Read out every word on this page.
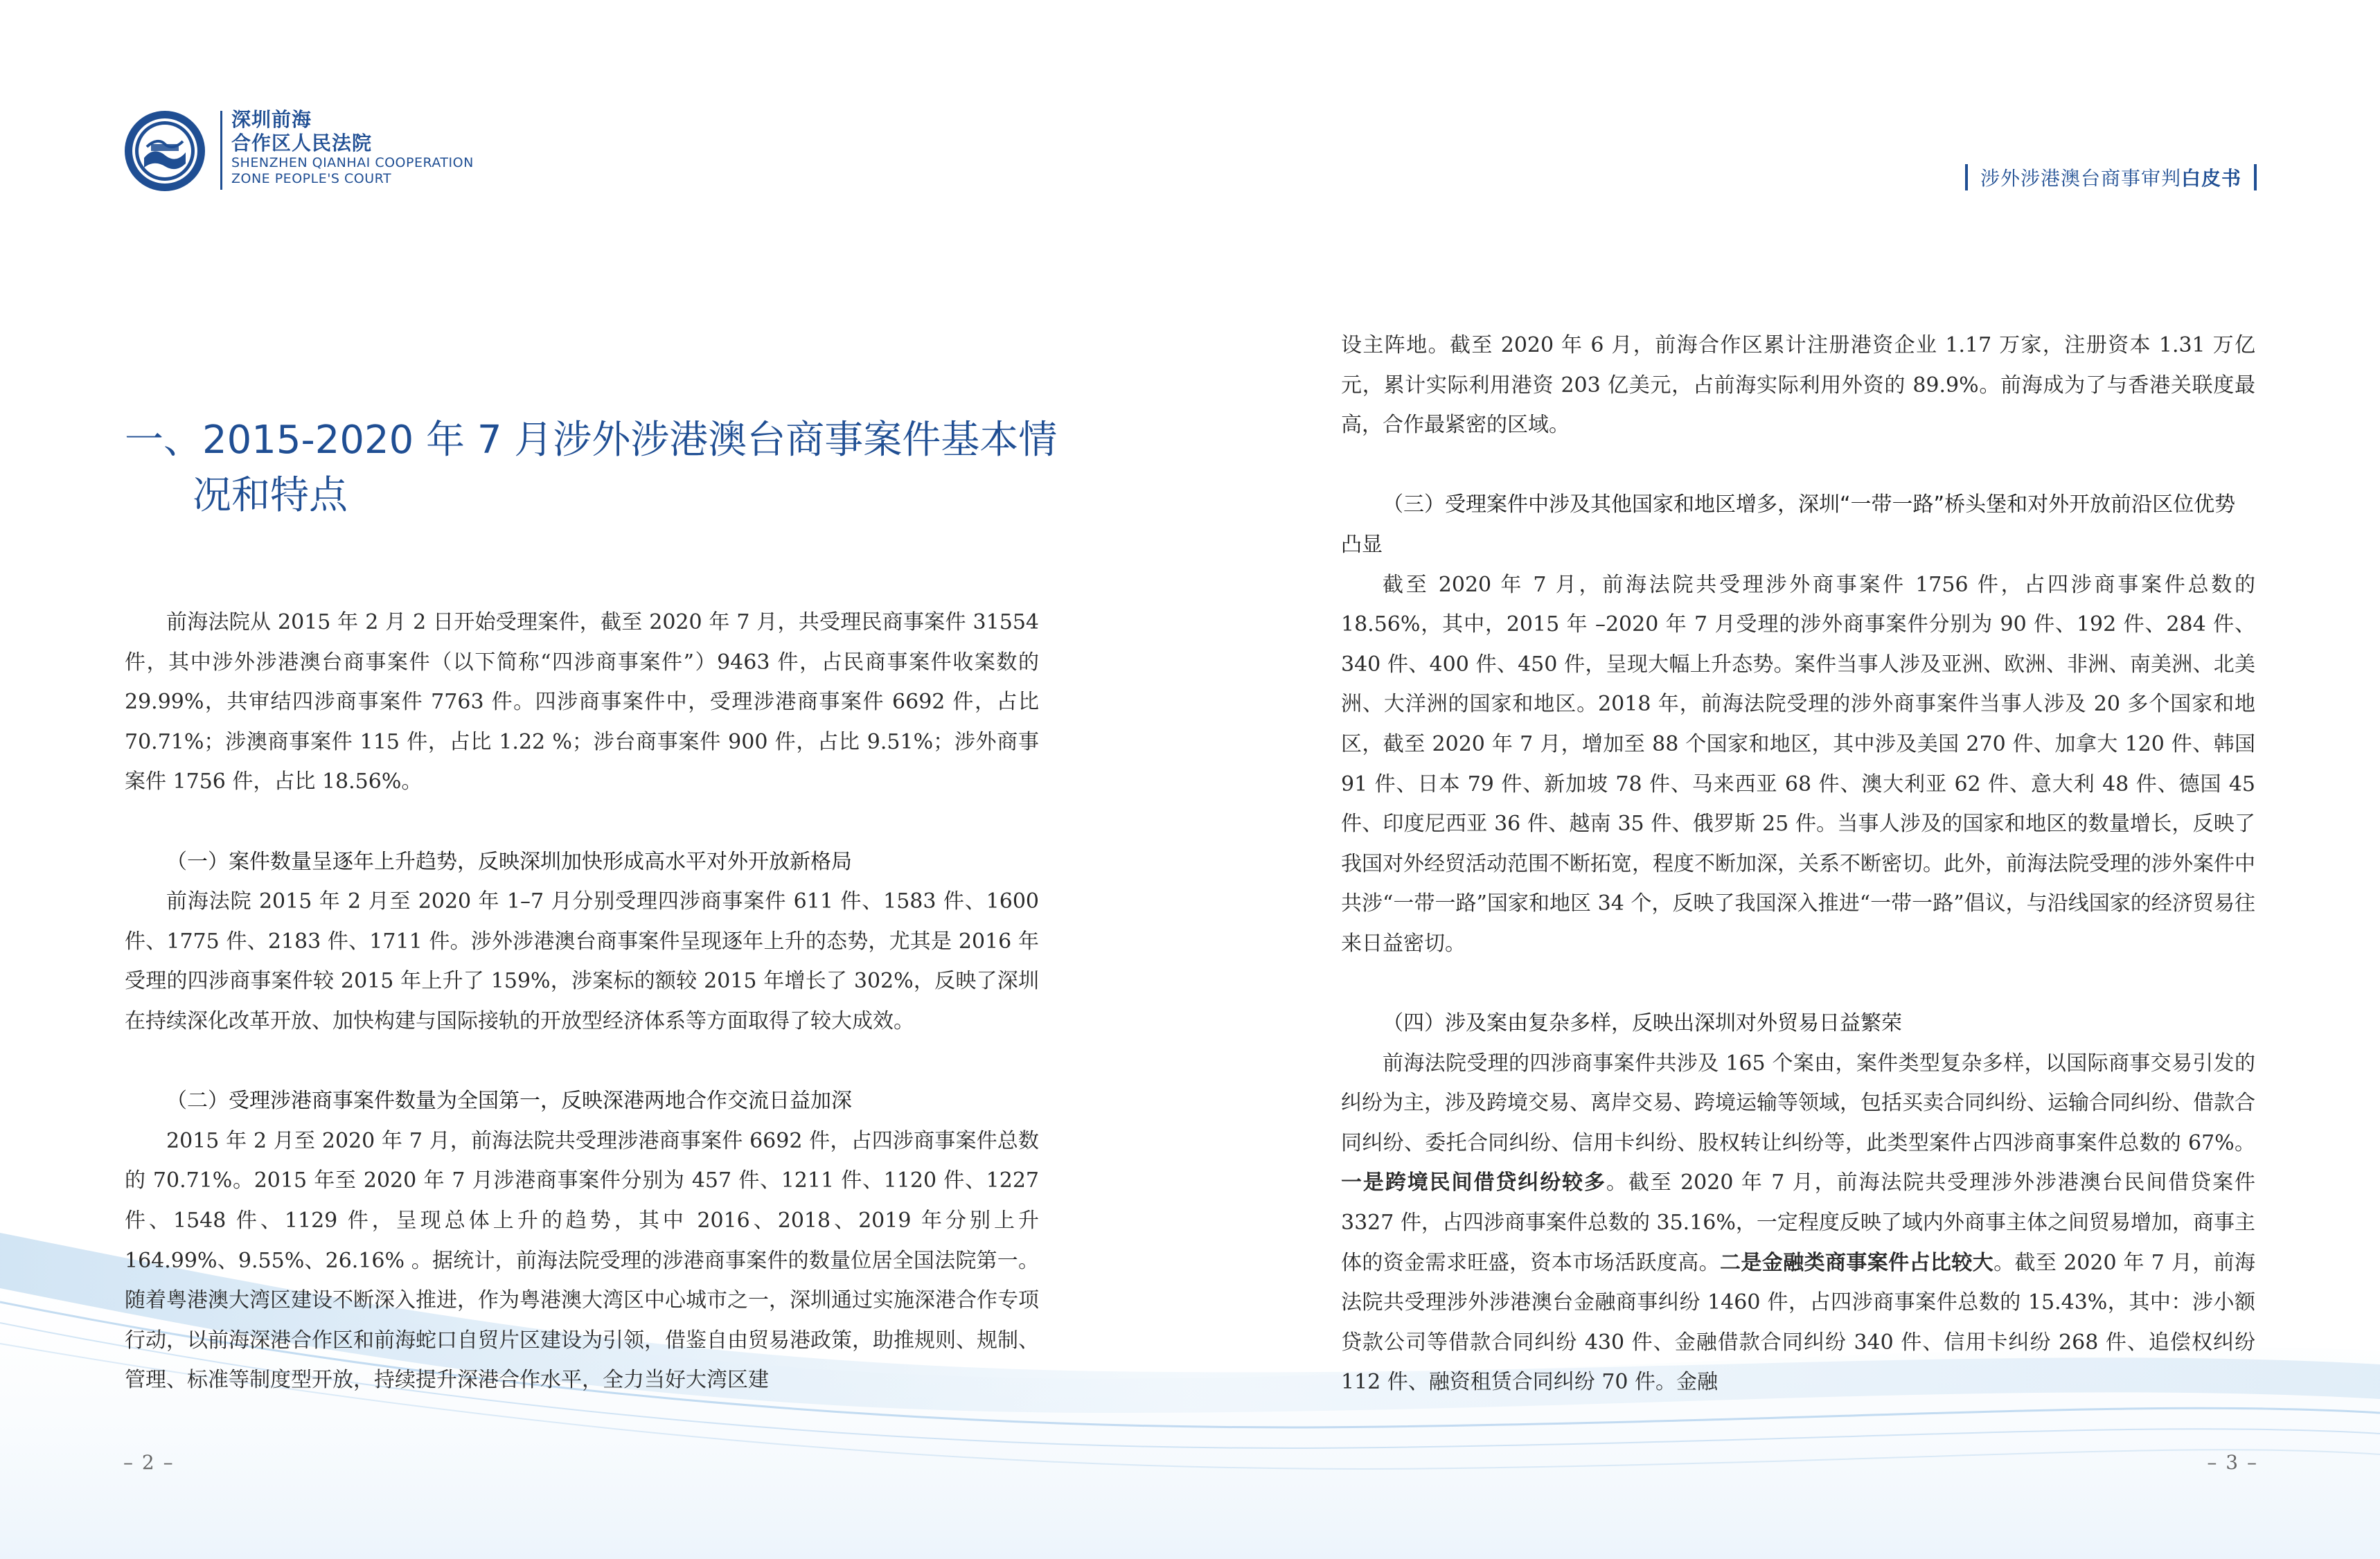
深圳前海
合作区人民法院
SHENZHEN QIANHAI COOPERATION
ZONE PEOPLE'S COURT	涉外涉港澳台商事审判白皮书
一、2015-2020 年 7 月涉外涉港澳台商事案件基本情
况和特点

前海法院从 2015 年 2 月 2 日开始受理案件，截至 2020 年 7 月，共受理民商事案件 31554 件，其中涉外涉港澳台商事案件（以下简称“四涉商事案件”）9463 件，占民商事案件收案数的 29.99%，共审结四涉商事案件 7763 件。四涉商事案件中，受理涉港商事案件 6692 件，占比 70.71%；涉澳商事案件 115 件，占比 1.22 %；涉台商事案件 900 件，占比 9.51%；涉外商事案件 1756 件，占比 18.56%。

（一）案件数量呈逐年上升趋势，反映深圳加快形成高水平对外开放新格局

前海法院 2015 年 2 月至 2020 年 1–7 月分别受理四涉商事案件 611 件、1583 件、1600 件、1775 件、2183 件、1711 件。涉外涉港澳台商事案件呈现逐年上升的态势，尤其是 2016 年受理的四涉商事案件较 2015 年上升了 159%，涉案标的额较 2015 年增长了 302%，反映了深圳在持续深化改革开放、加快构建与国际接轨的开放型经济体系等方面取得了较大成效。

（二）受理涉港商事案件数量为全国第一，反映深港两地合作交流日益加深

2015 年 2 月至 2020 年 7 月，前海法院共受理涉港商事案件 6692 件，占四涉商事案件总数的 70.71%。2015 年至 2020 年 7 月涉港商事案件分别为 457 件、1211 件、1120 件、1227 件、1548 件、1129 件，呈现总体上升的趋势，其中 2016、2018、2019 年分别上升 164.99%、9.55%、26.16% 。据统计，前海法院受理的涉港商事案件的数量位居全国法院第一。随着粤港澳大湾区建设不断深入推进，作为粤港澳大湾区中心城市之一，深圳通过实施深港合作专项行动，以前海深港合作区和前海蛇口自贸片区建设为引领，借鉴自由贸易港政策，助推规则、规制、管理、标准等制度型开放，持续提升深港合作水平，全力当好大湾区建

设主阵地。截至 2020 年 6 月，前海合作区累计注册港资企业 1.17 万家，注册资本 1.31 万亿元，累计实际利用港资 203 亿美元，占前海实际利用外资的 89.9%。前海成为了与香港关联度最高，合作最紧密的区域。

（三）受理案件中涉及其他国家和地区增多，深圳“一带一路”桥头堡和对外开放前沿区位优势凸显

截至 2020 年 7 月，前海法院共受理涉外商事案件 1756 件，占四涉商事案件总数的 18.56%，其中，2015 年 –2020 年 7 月受理的涉外商事案件分别为 90 件、192 件、284 件、340 件、400 件、450 件，呈现大幅上升态势。案件当事人涉及亚洲、欧洲、非洲、南美洲、北美洲、大洋洲的国家和地区。2018 年，前海法院受理的涉外商事案件当事人涉及 20 多个国家和地区，截至 2020 年 7 月，增加至 88 个国家和地区，其中涉及美国 270 件、加拿大 120 件、韩国 91 件、日本 79 件、新加坡 78 件、马来西亚 68 件、澳大利亚 62 件、意大利 48 件、德国 45 件、印度尼西亚 36 件、越南 35 件、俄罗斯 25 件。当事人涉及的国家和地区的数量增长，反映了我国对外经贸活动范围不断拓宽，程度不断加深，关系不断密切。此外，前海法院受理的涉外案件中共涉“一带一路”国家和地区 34 个，反映了我国深入推进“一带一路”倡议，与沿线国家的经济贸易往来日益密切。

（四）涉及案由复杂多样，反映出深圳对外贸易日益繁荣

前海法院受理的四涉商事案件共涉及 165 个案由，案件类型复杂多样，以国际商事交易引发的纠纷为主，涉及跨境交易、离岸交易、跨境运输等领域，包括买卖合同纠纷、运输合同纠纷、借款合同纠纷、委托合同纠纷、信用卡纠纷、股权转让纠纷等，此类型案件占四涉商事案件总数的 67%。一是跨境民间借贷纠纷较多。截至 2020 年 7 月，前海法院共受理涉外涉港澳台民间借贷案件 3327 件，占四涉商事案件总数的 35.16%，一定程度反映了域内外商事主体之间贸易增加，商事主体的资金需求旺盛，资本市场活跃度高。二是金融类商事案件占比较大。截至 2020 年 7 月，前海法院共受理涉外涉港澳台金融商事纠纷 1460 件，占四涉商事案件总数的 15.43%，其中：涉小额贷款公司等借款合同纠纷 430 件、金融借款合同纠纷 340 件、信用卡纠纷 268 件、追偿权纠纷 112 件、融资租赁合同纠纷 70 件。金融

– 2 –	– 3 –
